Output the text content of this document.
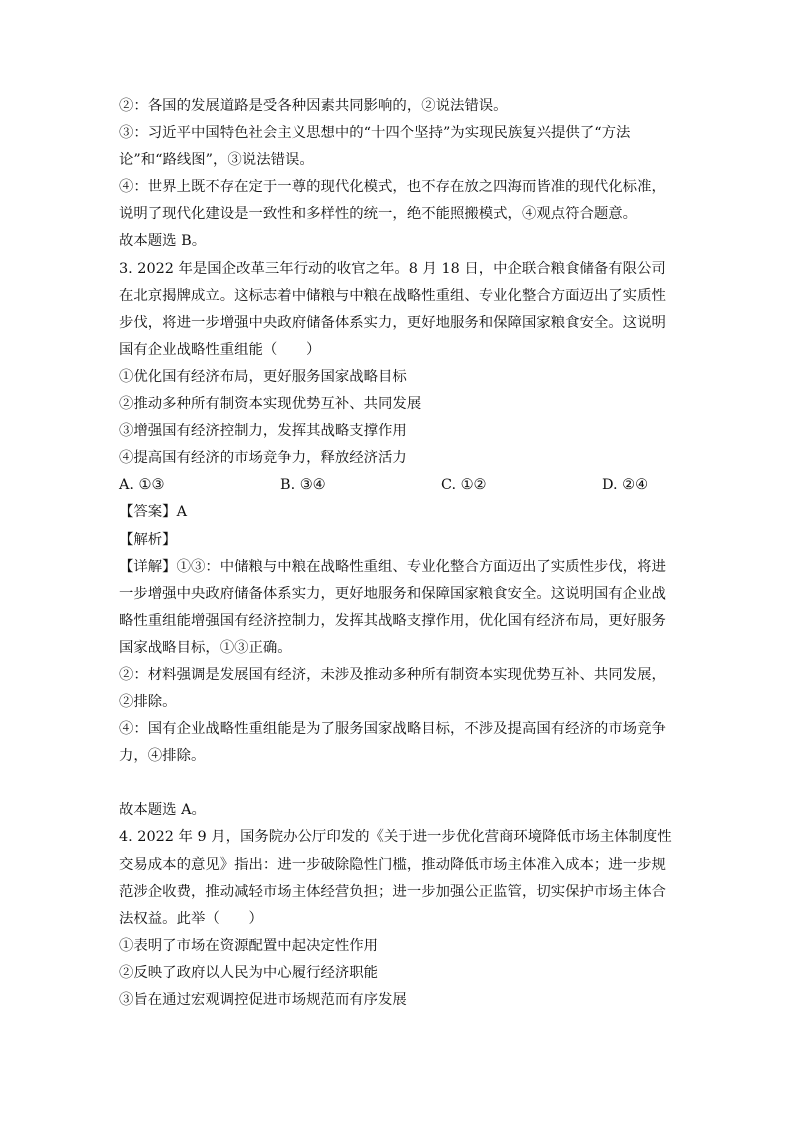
②：各国的发展道路是受各种因素共同影响的，②说法错误。

③：习近平中国特色社会主义思想中的“十四个坚持”为实现民族复兴提供了“方法论”和“路线图”，③说法错误。

④：世界上既不存在定于一尊的现代化模式，也不存在放之四海而皆准的现代化标准，说明了现代化建设是一致性和多样性的统一，绝不能照搬模式，④观点符合题意。

故本题选 B。

3. 2022 年是国企改革三年行动的收官之年。8 月 18 日，中企联合粮食储备有限公司在北京揭牌成立。这标志着中储粮与中粮在战略性重组、专业化整合方面迈出了实质性步伐，将进一步增强中央政府储备体系实力，更好地服务和保障国家粮食安全。这说明国有企业战略性重组能（　　）

①优化国有经济布局，更好服务国家战略目标

②推动多种所有制资本实现优势互补、共同发展

③增强国有经济控制力，发挥其战略支撑作用

④提高国有经济的市场竞争力，释放经济活力

A. ①③	B. ③④	C. ①②	D. ②④

【答案】A

【解析】

【详解】①③：中储粮与中粮在战略性重组、专业化整合方面迈出了实质性步伐，将进一步增强中央政府储备体系实力，更好地服务和保障国家粮食安全。这说明国有企业战略性重组能增强国有经济控制力，发挥其战略支撑作用，优化国有经济布局，更好服务国家战略目标，①③正确。

②：材料强调是发展国有经济，未涉及推动多种所有制资本实现优势互补、共同发展，②排除。

④：国有企业战略性重组能是为了服务国家战略目标，不涉及提高国有经济的市场竞争力，④排除。

故本题选 A。

4. 2022 年 9 月，国务院办公厅印发的《关于进一步优化营商环境降低市场主体制度性交易成本的意见》指出：进一步破除隐性门槛，推动降低市场主体准入成本；进一步规范涉企收费，推动减轻市场主体经营负担；进一步加强公正监管，切实保护市场主体合法权益。此举（　　）

①表明了市场在资源配置中起决定性作用

②反映了政府以人民为中心履行经济职能

③旨在通过宏观调控促进市场规范而有序发展
